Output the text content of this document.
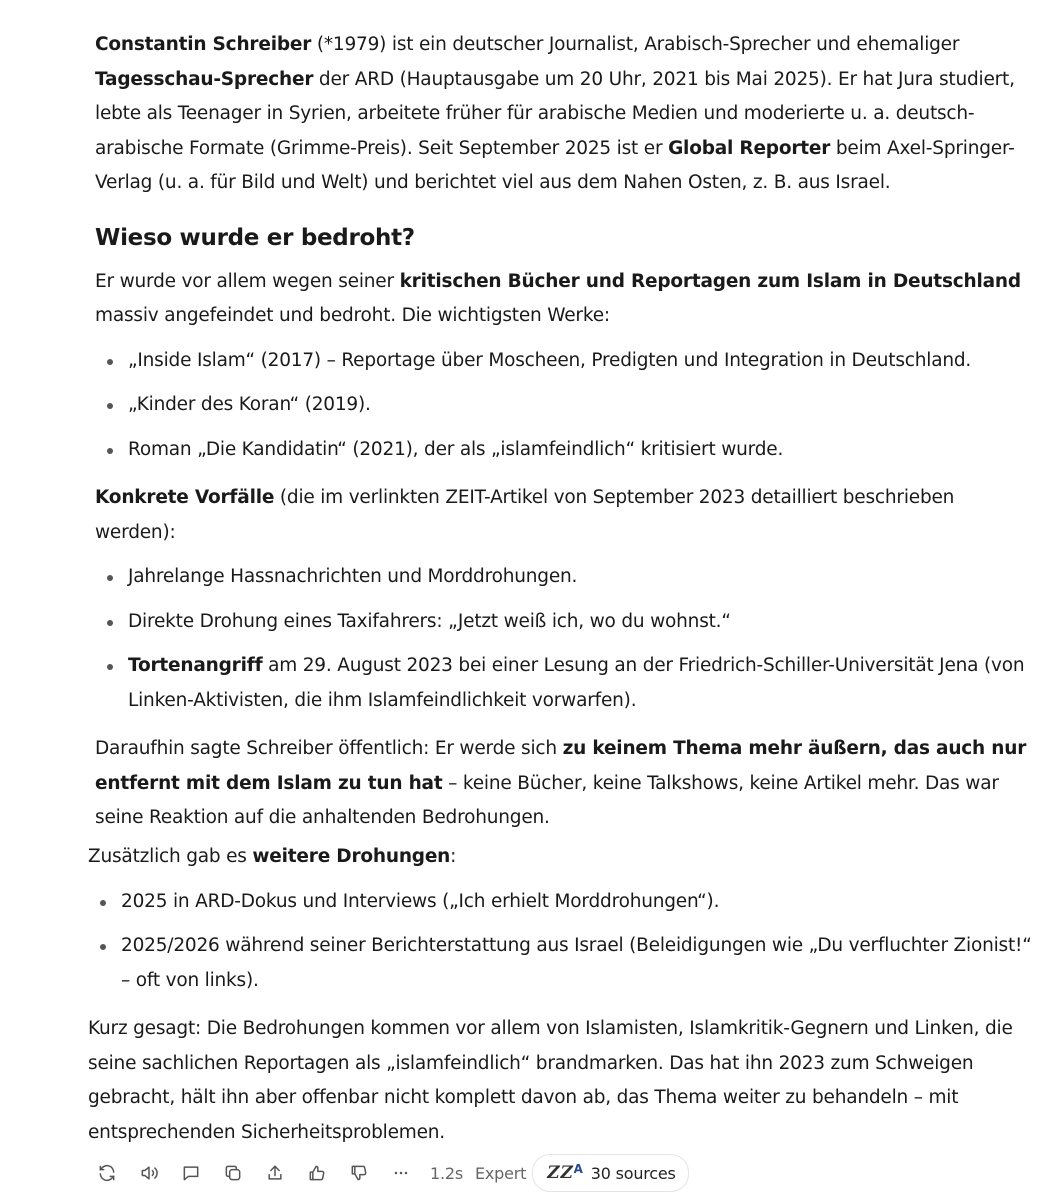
Constantin Schreiber (*1979) ist ein deutscher Journalist, Arabisch-Sprecher und ehemaliger Tagesschau-Sprecher der ARD (Hauptausgabe um 20 Uhr, 2021 bis Mai 2025). Er hat Jura studiert, lebte als Teenager in Syrien, arbeitete früher für arabische Medien und moderierte u. a. deutsch-arabische Formate (Grimme-Preis). Seit September 2025 ist er Global Reporter beim Axel-Springer-Verlag (u. a. für Bild und Welt) und berichtet viel aus dem Nahen Osten, z. B. aus Israel.

Wieso wurde er bedroht?

Er wurde vor allem wegen seiner kritischen Bücher und Reportagen zum Islam in Deutschland massiv angefeindet und bedroht. Die wichtigsten Werke:

„Inside Islam“ (2017) – Reportage über Moscheen, Predigten und Integration in Deutschland.
„Kinder des Koran“ (2019).
Roman „Die Kandidatin“ (2021), der als „islamfeindlich“ kritisiert wurde.

Konkrete Vorfälle (die im verlinkten ZEIT-Artikel von September 2023 detailliert beschrieben werden):

Jahrelange Hassnachrichten und Morddrohungen.
Direkte Drohung eines Taxifahrers: „Jetzt weiß ich, wo du wohnst.“
Tortenangriff am 29. August 2023 bei einer Lesung an der Friedrich-Schiller-Universität Jena (von Linken-Aktivisten, die ihm Islamfeindlichkeit vorwarfen).

Daraufhin sagte Schreiber öffentlich: Er werde sich zu keinem Thema mehr äußern, das auch nur entfernt mit dem Islam zu tun hat – keine Bücher, keine Talkshows, keine Artikel mehr. Das war seine Reaktion auf die anhaltenden Bedrohungen.

Zusätzlich gab es weitere Drohungen:

2025 in ARD-Dokus und Interviews („Ich erhielt Morddrohungen“).
2025/2026 während seiner Berichterstattung aus Israel (Beleidigungen wie „Du verfluchter Zionist!“ – oft von links).

Kurz gesagt: Die Bedrohungen kommen vor allem von Islamisten, Islamkritik-Gegnern und Linken, die seine sachlichen Reportagen als „islamfeindlich“ brandmarken. Das hat ihn 2023 zum Schweigen gebracht, hält ihn aber offenbar nicht komplett davon ab, das Thema weiter zu behandeln – mit entsprechenden Sicherheitsproblemen.

1.2s Expert Z Z A 30 sources
